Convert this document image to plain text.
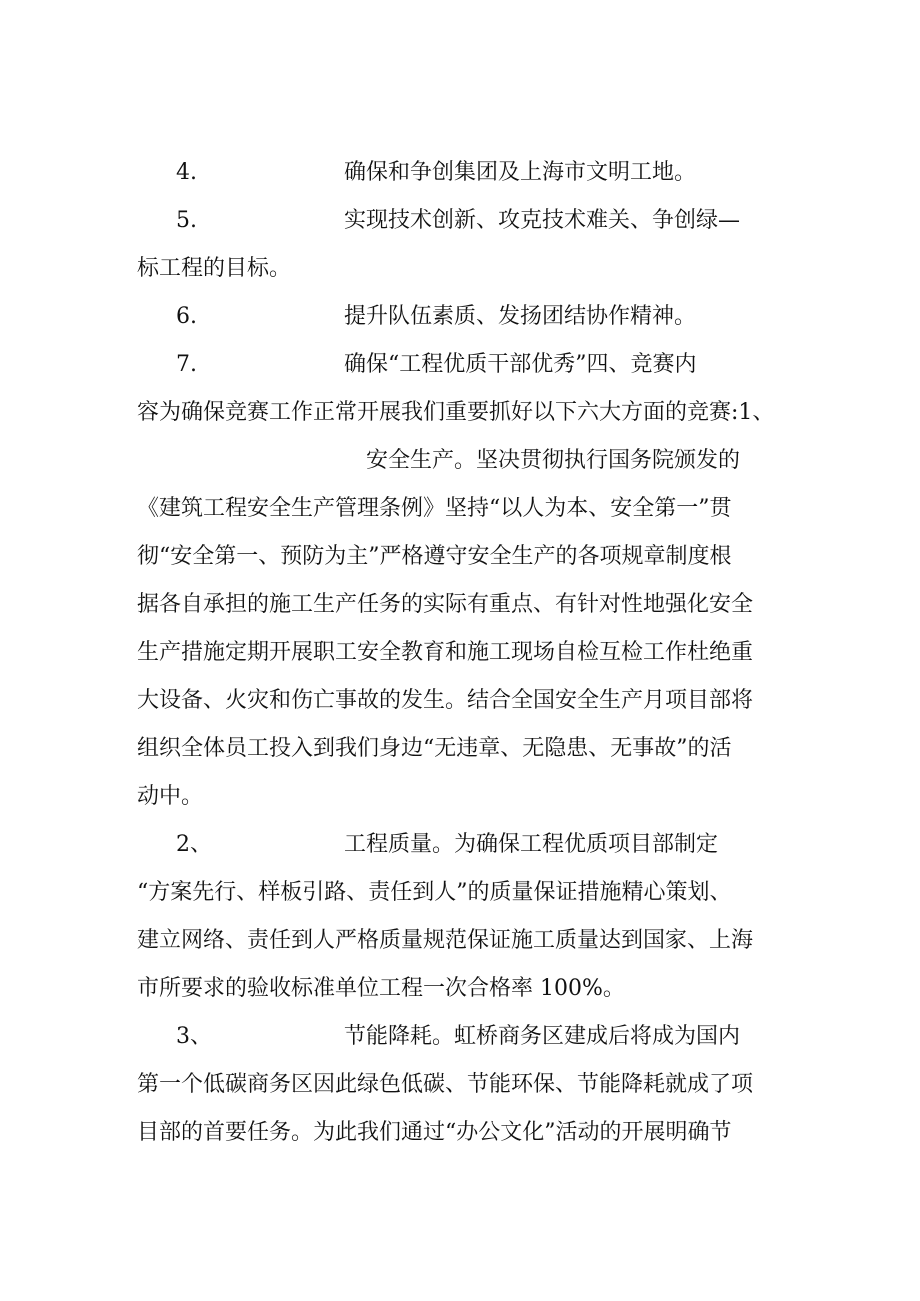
4.	确保和争创集团及上海市文明工地。
5.	实现技术创新、攻克技术难关、争创绿—
标工程的目标。
6.	提升队伍素质、发扬团结协作精神。
7.	确保“工程优质干部优秀”四、竞赛内
容为确保竞赛工作正常开展我们重要抓好以下六大方面的竞赛:1、
安全生产。坚决贯彻执行国务院颁发的
《建筑工程安全生产管理条例》坚持“以人为本、安全第一”贯
彻“安全第一、预防为主”严格遵守安全生产的各项规章制度根
据各自承担的施工生产任务的实际有重点、有针对性地强化安全
生产措施定期开展职工安全教育和施工现场自检互检工作杜绝重
大设备、火灾和伤亡事故的发生。结合全国安全生产月项目部将
组织全体员工投入到我们身边“无违章、无隐患、无事故”的活
动中。
2、	工程质量。为确保工程优质项目部制定
“方案先行、样板引路、责任到人”的质量保证措施精心策划、
建立网络、责任到人严格质量规范保证施工质量达到国家、上海
市所要求的验收标准单位工程一次合格率 100%。
3、	节能降耗。虹桥商务区建成后将成为国内
第一个低碳商务区因此绿色低碳、节能环保、节能降耗就成了项
目部的首要任务。为此我们通过“办公文化”活动的开展明确节
